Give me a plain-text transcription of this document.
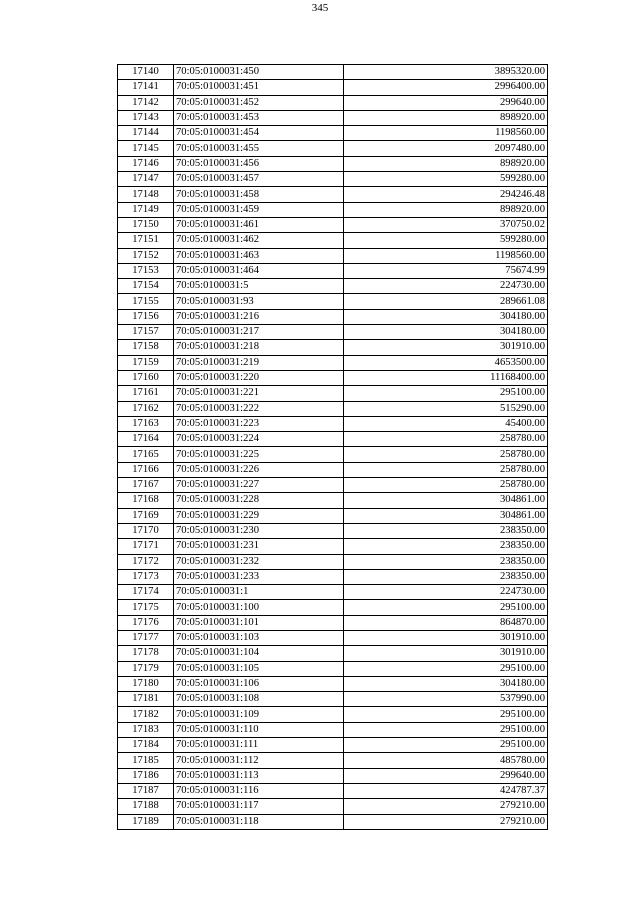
345
17140	70:05:0100031:450	3895320.00
17141	70:05:0100031:451	2996400.00
17142	70:05:0100031:452	299640.00
17143	70:05:0100031:453	898920.00
17144	70:05:0100031:454	1198560.00
17145	70:05:0100031:455	2097480.00
17146	70:05:0100031:456	898920.00
17147	70:05:0100031:457	599280.00
17148	70:05:0100031:458	294246.48
17149	70:05:0100031:459	898920.00
17150	70:05:0100031:461	370750.02
17151	70:05:0100031:462	599280.00
17152	70:05:0100031:463	1198560.00
17153	70:05:0100031:464	75674.99
17154	70:05:0100031:5	224730.00
17155	70:05:0100031:93	289661.08
17156	70:05:0100031:216	304180.00
17157	70:05:0100031:217	304180.00
17158	70:05:0100031:218	301910.00
17159	70:05:0100031:219	4653500.00
17160	70:05:0100031:220	11168400.00
17161	70:05:0100031:221	295100.00
17162	70:05:0100031:222	515290.00
17163	70:05:0100031:223	45400.00
17164	70:05:0100031:224	258780.00
17165	70:05:0100031:225	258780.00
17166	70:05:0100031:226	258780.00
17167	70:05:0100031:227	258780.00
17168	70:05:0100031:228	304861.00
17169	70:05:0100031:229	304861.00
17170	70:05:0100031:230	238350.00
17171	70:05:0100031:231	238350.00
17172	70:05:0100031:232	238350.00
17173	70:05:0100031:233	238350.00
17174	70:05:0100031:1	224730.00
17175	70:05:0100031:100	295100.00
17176	70:05:0100031:101	864870.00
17177	70:05:0100031:103	301910.00
17178	70:05:0100031:104	301910.00
17179	70:05:0100031:105	295100.00
17180	70:05:0100031:106	304180.00
17181	70:05:0100031:108	537990.00
17182	70:05:0100031:109	295100.00
17183	70:05:0100031:110	295100.00
17184	70:05:0100031:111	295100.00
17185	70:05:0100031:112	485780.00
17186	70:05:0100031:113	299640.00
17187	70:05:0100031:116	424787.37
17188	70:05:0100031:117	279210.00
17189	70:05:0100031:118	279210.00
